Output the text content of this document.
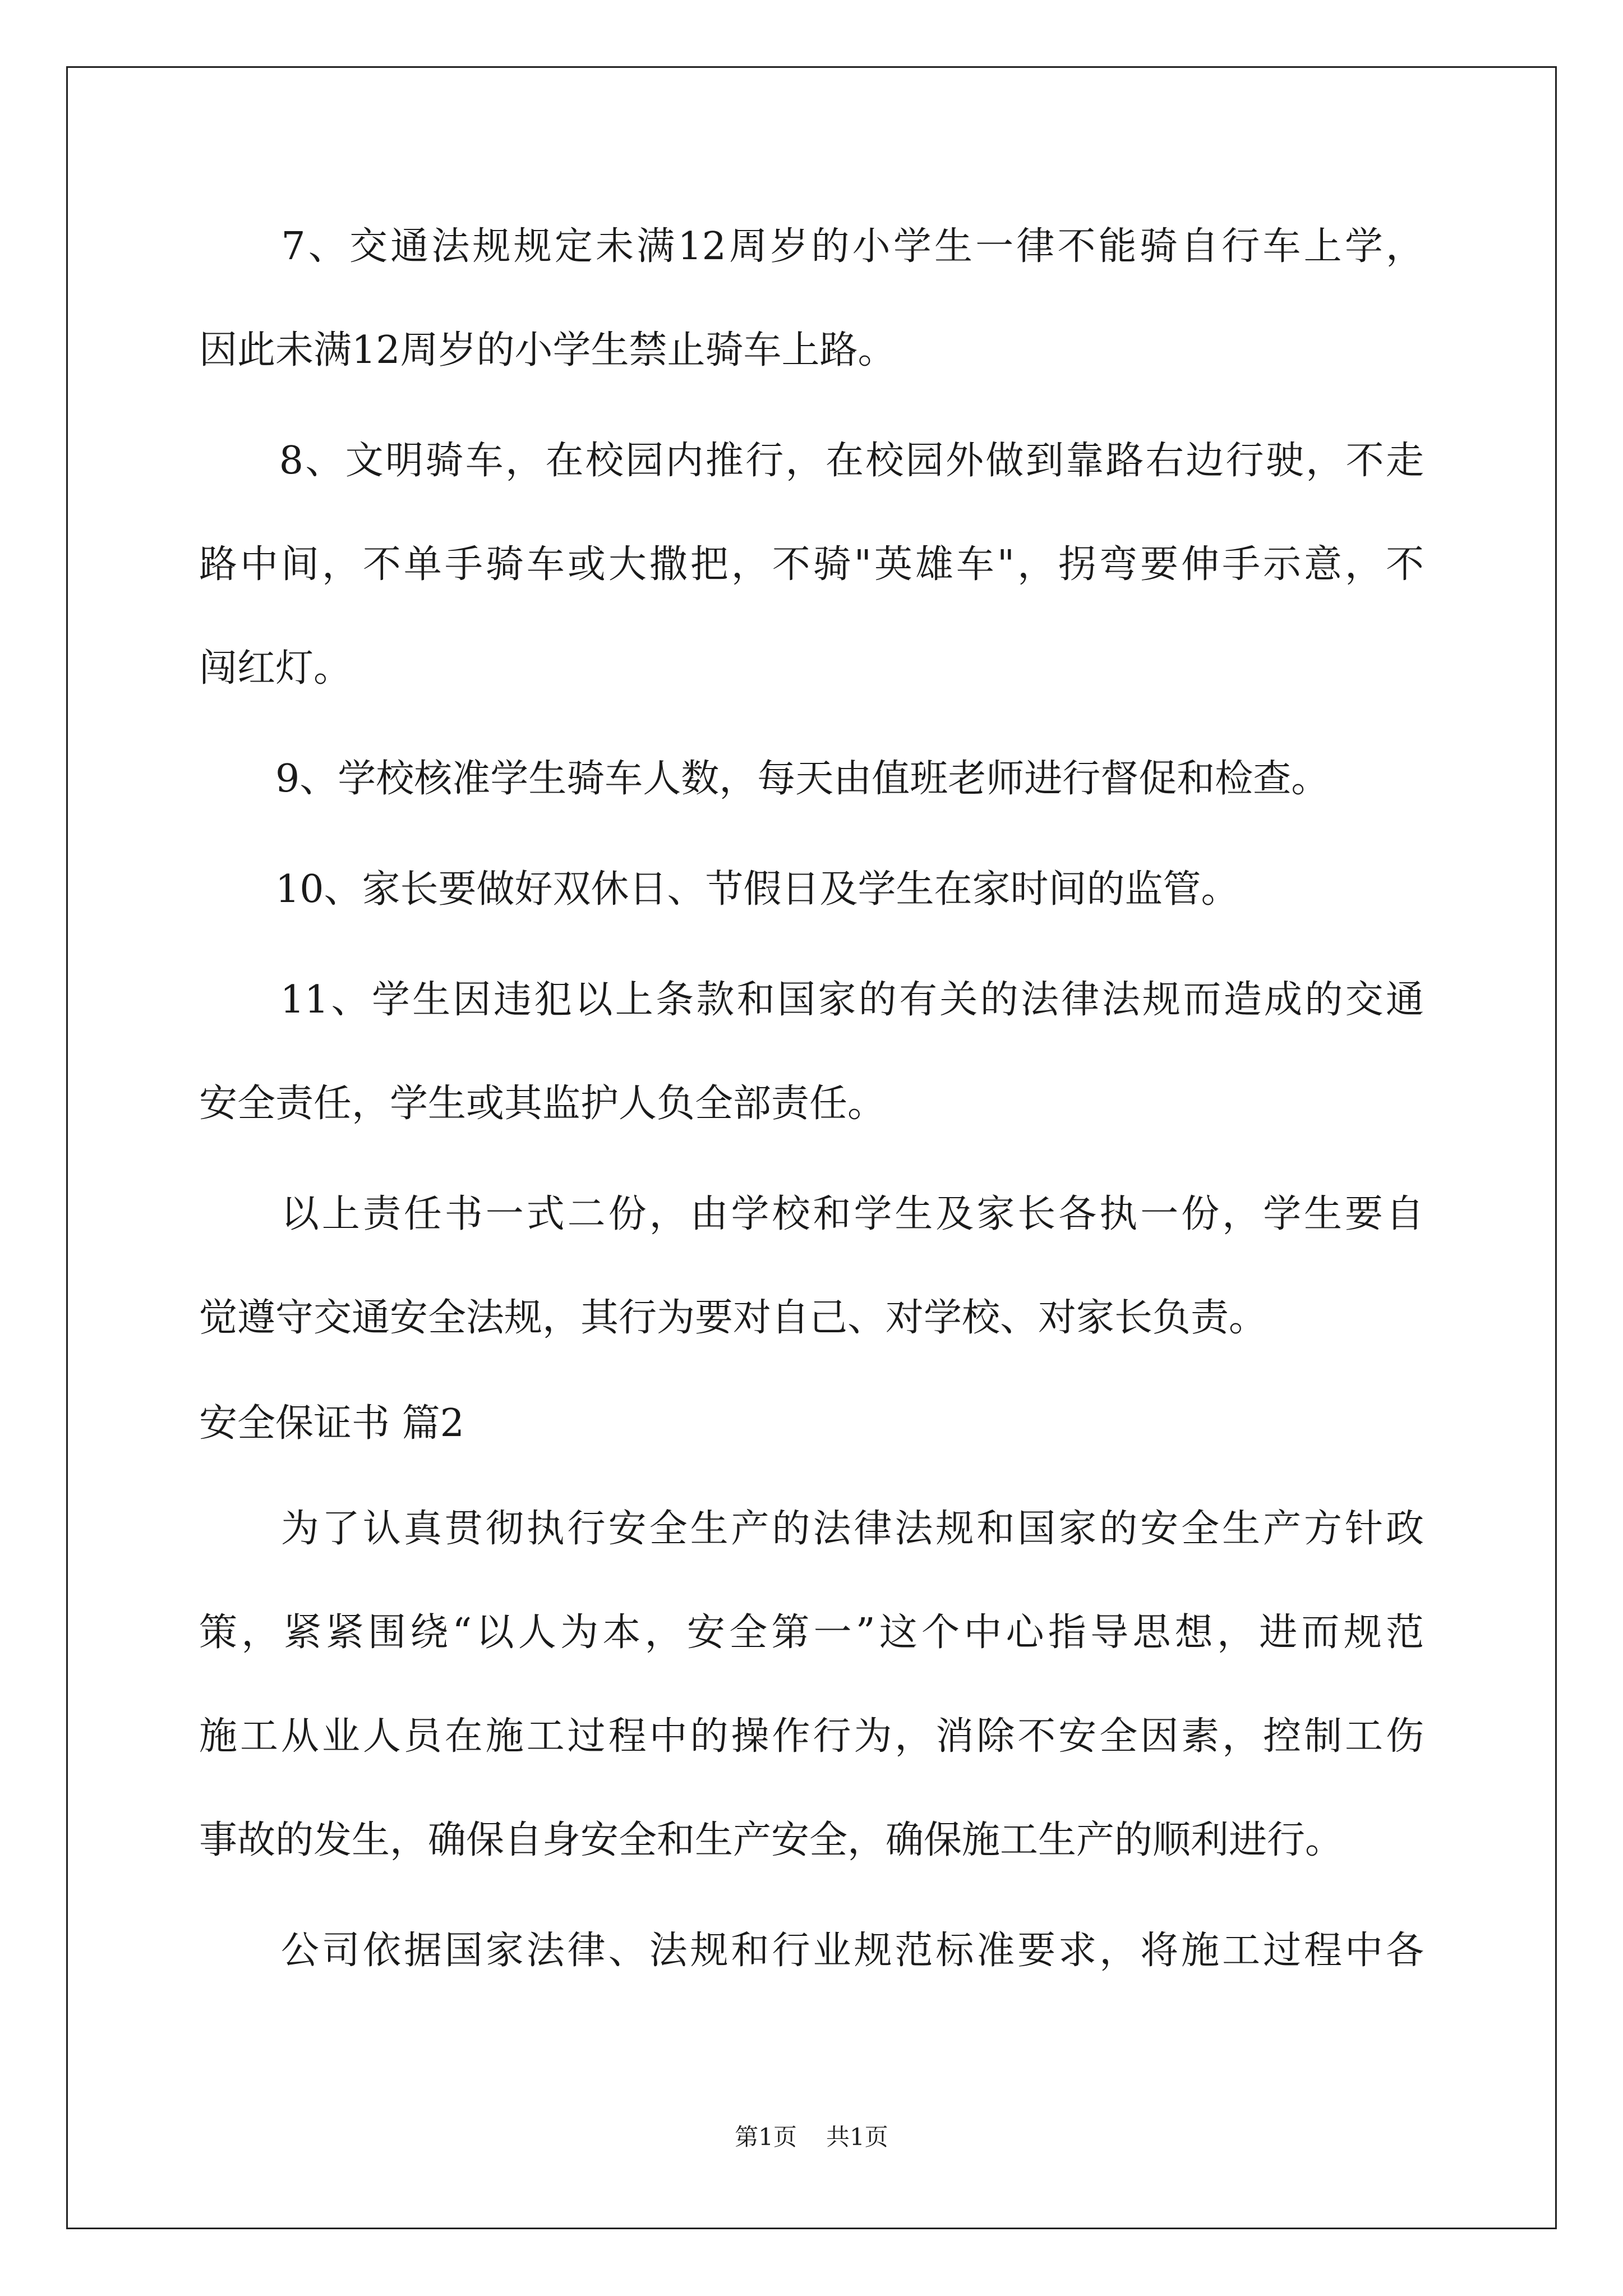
　　7、交通法规规定未满12周岁的小学生一律不能骑自行车上学，
因此未满12周岁的小学生禁止骑车上路。
　　8、文明骑车，在校园内推行，在校园外做到靠路右边行驶，不走
路中间，不单手骑车或大撒把，不骑"英雄车"，拐弯要伸手示意，不
闯红灯。
　　9、学校核准学生骑车人数，每天由值班老师进行督促和检查。
　　10、家长要做好双休日、节假日及学生在家时间的监管。
　　11、学生因违犯以上条款和国家的有关的法律法规而造成的交通
安全责任，学生或其监护人负全部责任。
　　以上责任书一式二份，由学校和学生及家长各执一份，学生要自
觉遵守交通安全法规，其行为要对自己、对学校、对家长负责。
安全保证书 篇2
　　为了认真贯彻执行安全生产的法律法规和国家的安全生产方针政
策，紧紧围绕“以人为本，安全第一”这个中心指导思想，进而规范
施工从业人员在施工过程中的操作行为，消除不安全因素，控制工伤
事故的发生，确保自身安全和生产安全，确保施工生产的顺利进行。
　　公司依据国家法律、法规和行业规范标准要求，将施工过程中各
第1页 共1页
